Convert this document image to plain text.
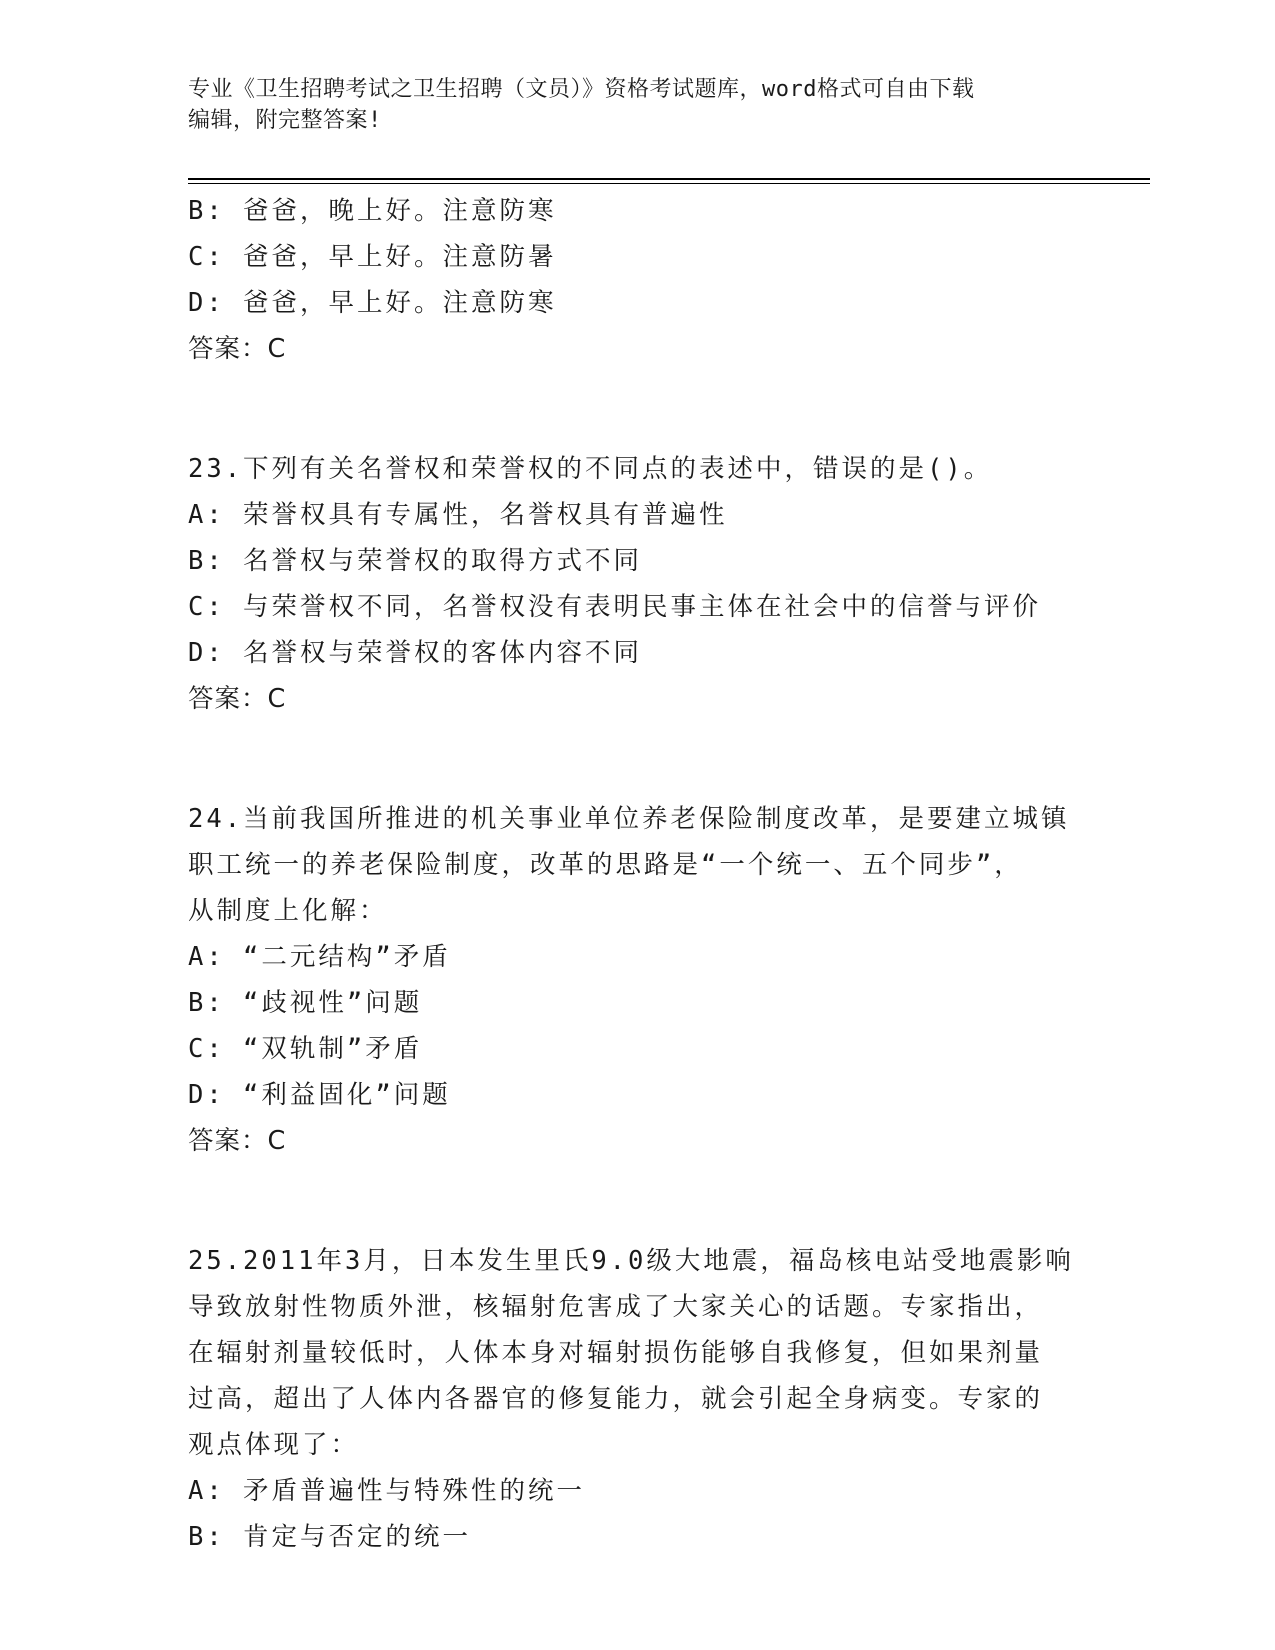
专业《卫生招聘考试之卫生招聘（文员）》资格考试题库，word格式可自由下载
编辑，附完整答案!
B: 爸爸，晚上好。注意防寒
C: 爸爸，早上好。注意防暑
D: 爸爸，早上好。注意防寒
答案：C
23.下列有关名誉权和荣誉权的不同点的表述中，错误的是()。
A: 荣誉权具有专属性，名誉权具有普遍性
B: 名誉权与荣誉权的取得方式不同
C: 与荣誉权不同，名誉权没有表明民事主体在社会中的信誉与评价
D: 名誉权与荣誉权的客体内容不同
答案：C
24.当前我国所推进的机关事业单位养老保险制度改革，是要建立城镇
职工统一的养老保险制度，改革的思路是“一个统一、五个同步”，
从制度上化解：
A: “二元结构”矛盾
B: “歧视性”问题
C: “双轨制”矛盾
D: “利益固化”问题
答案：C
25.2011年3月，日本发生里氏9.0级大地震，福岛核电站受地震影响
导致放射性物质外泄，核辐射危害成了大家关心的话题。专家指出，
在辐射剂量较低时，人体本身对辐射损伤能够自我修复，但如果剂量
过高，超出了人体内各器官的修复能力，就会引起全身病变。专家的
观点体现了：
A: 矛盾普遍性与特殊性的统一
B: 肯定与否定的统一
